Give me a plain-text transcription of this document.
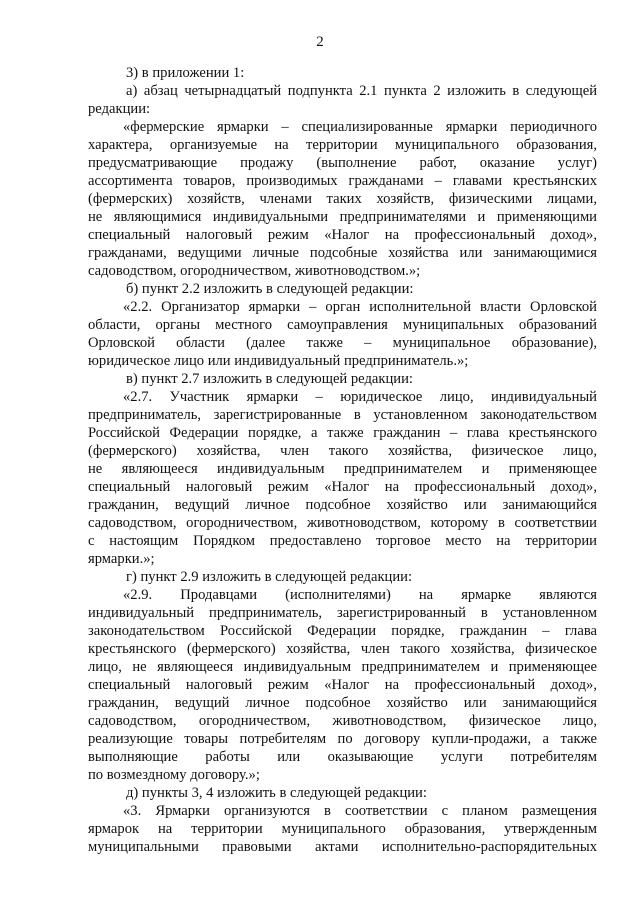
2

3) в приложении 1:

а) абзац четырнадцатый подпункта 2.1 пункта 2 изложить в следующей

редакции:

«фермерские ярмарки – специализированные ярмарки периодичного

характера, организуемые на территории муниципального образования,

предусматривающие продажу (выполнение работ, оказание услуг)

ассортимента товаров, производимых гражданами – главами крестьянских

(фермерских) хозяйств, членами таких хозяйств, физическими лицами,

не являющимися индивидуальными предпринимателями и применяющими

специальный налоговый режим «Налог на профессиональный доход»,

гражданами, ведущими личные подсобные хозяйства или занимающимися

садоводством, огородничеством, животноводством.»;

б) пункт 2.2 изложить в следующей редакции:

«2.2. Организатор ярмарки – орган исполнительной власти Орловской

области, органы местного самоуправления муниципальных образований

Орловской области (далее также – муниципальное образование),

юридическое лицо или индивидуальный предприниматель.»;

в) пункт 2.7 изложить в следующей редакции:

«2.7. Участник ярмарки – юридическое лицо, индивидуальный

предприниматель, зарегистрированные в установленном законодательством

Российской Федерации порядке, а также гражданин – глава крестьянского

(фермерского) хозяйства, член такого хозяйства, физическое лицо,

не являющееся индивидуальным предпринимателем и применяющее

специальный налоговый режим «Налог на профессиональный доход»,

гражданин, ведущий личное подсобное хозяйство или занимающийся

садоводством, огородничеством, животноводством, которому в соответствии

с настоящим Порядком предоставлено торговое место на территории

ярмарки.»;

г) пункт 2.9 изложить в следующей редакции:

«2.9. Продавцами (исполнителями) на ярмарке являются

индивидуальный предприниматель, зарегистрированный в установленном

законодательством Российской Федерации порядке, гражданин – глава

крестьянского (фермерского) хозяйства, член такого хозяйства, физическое

лицо, не являющееся индивидуальным предпринимателем и применяющее

специальный налоговый режим «Налог на профессиональный доход»,

гражданин, ведущий личное подсобное хозяйство или занимающийся

садоводством, огородничеством, животноводством, физическое лицо,

реализующие товары потребителям по договору купли-продажи, а также

выполняющие работы или оказывающие услуги потребителям

по возмездному договору.»;

д) пункты 3, 4 изложить в следующей редакции:

«3. Ярмарки организуются в соответствии с планом размещения

ярмарок на территории муниципального образования, утвержденным

муниципальными правовыми актами исполнительно-распорядительных
